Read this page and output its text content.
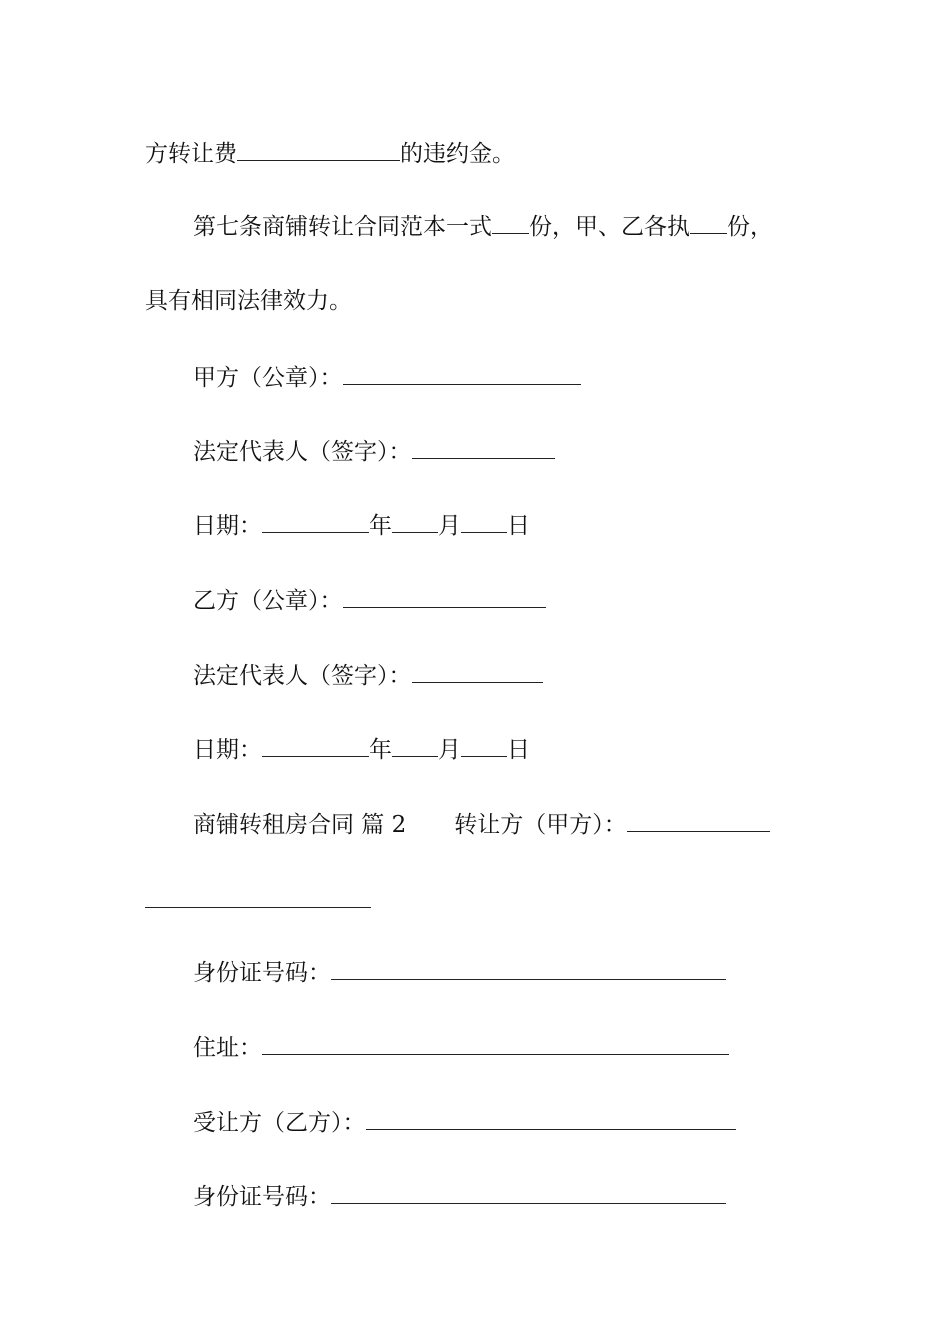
方转让费	的违约金。
第七条商铺转让合同范本一式 份，甲、乙各执 份，
具有相同法律效力。
甲方（公章）：
法定代表人（签字）：
日期：	年 月 日
乙方（公章）：
法定代表人（签字）：
日期：	年 月 日
商铺转租房合同 篇 2 转让方（甲方）：
身份证号码：
住址：
受让方（乙方）：
身份证号码：
